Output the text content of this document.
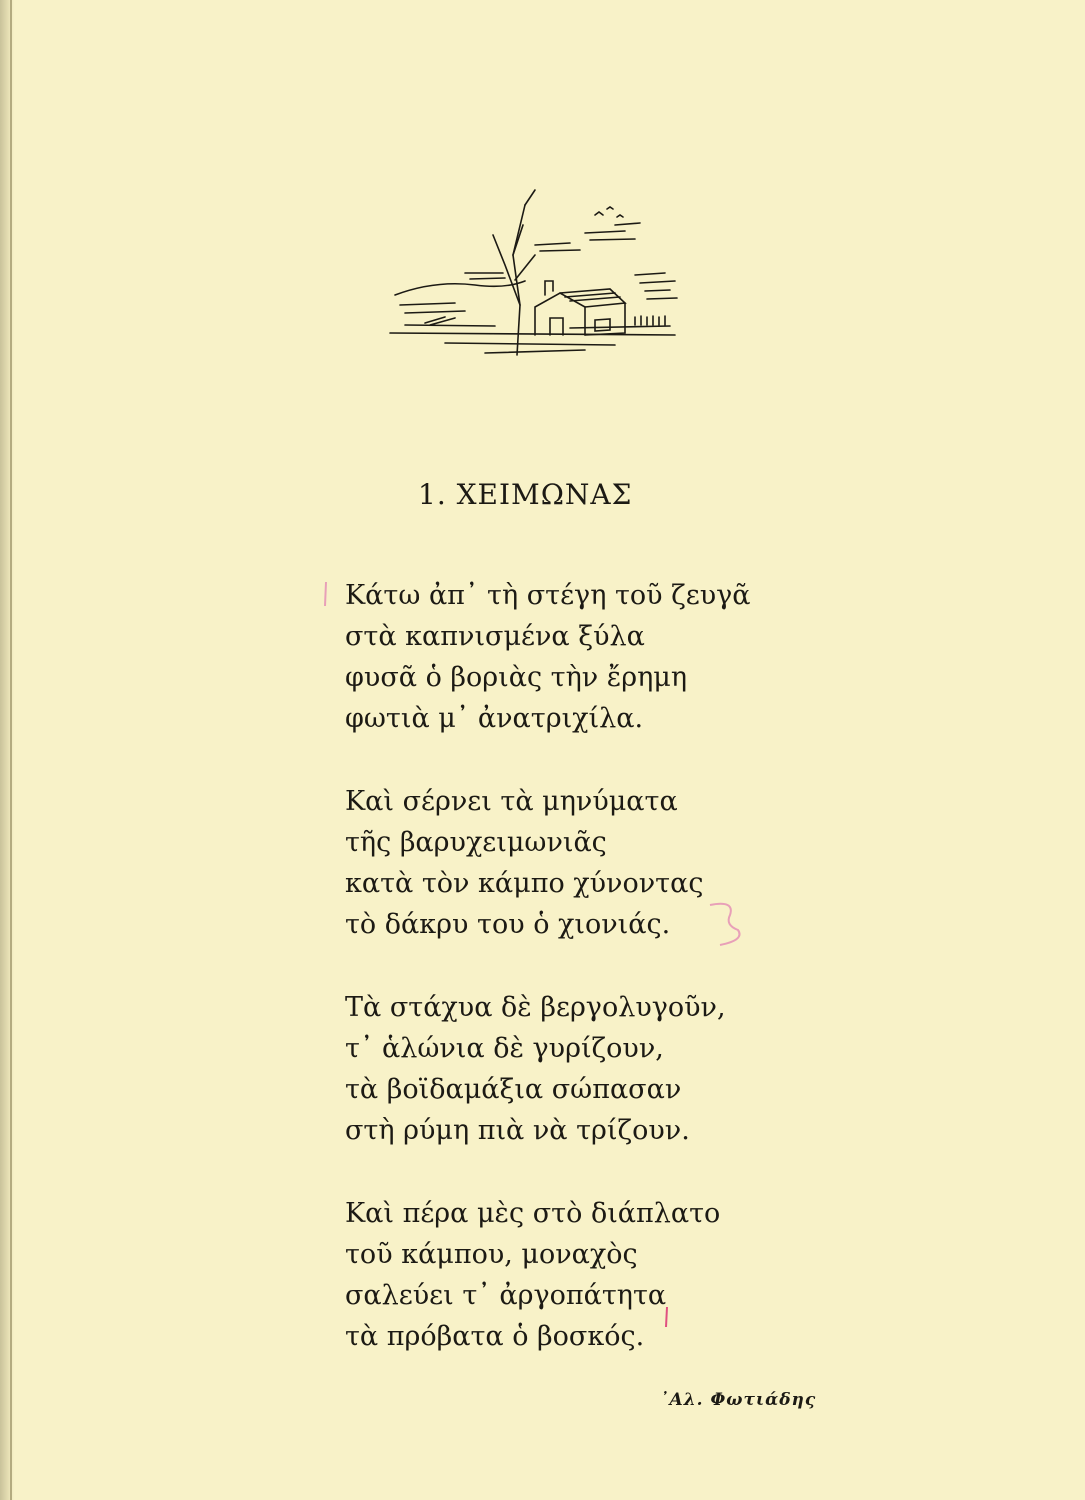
1. ΧΕΙΜΩΝΑΣ
Κάτω ἀπ᾽ τὴ στέγη τοῦ ζευγᾶ
στὰ καπνισμένα ξύλα
φυσᾶ ὁ βοριὰς τὴν ἔρημη
φωτιὰ μ᾽ ἀνατριχίλα.
Καὶ σέρνει τὰ μηνύματα
τῆς βαρυχειμωνιᾶς
κατὰ τὸν κάμπο χύνοντας
τὸ δάκρυ του ὁ χιονιάς.
Τὰ στάχυα δὲ βεργολυγοῦν,
τ᾽ ἁλώνια δὲ γυρίζουν,
τὰ βοϊδαμάξια σώπασαν
στὴ ρύμη πιὰ νὰ τρίζουν.
Καὶ πέρα μὲς στὸ διάπλατο
τοῦ κάμπου, μοναχὸς
σαλεύει τ᾽ ἀργοπάτητα
τὰ πρόβατα ὁ βοσκός.
᾽Αλ. Φωτιάδης
